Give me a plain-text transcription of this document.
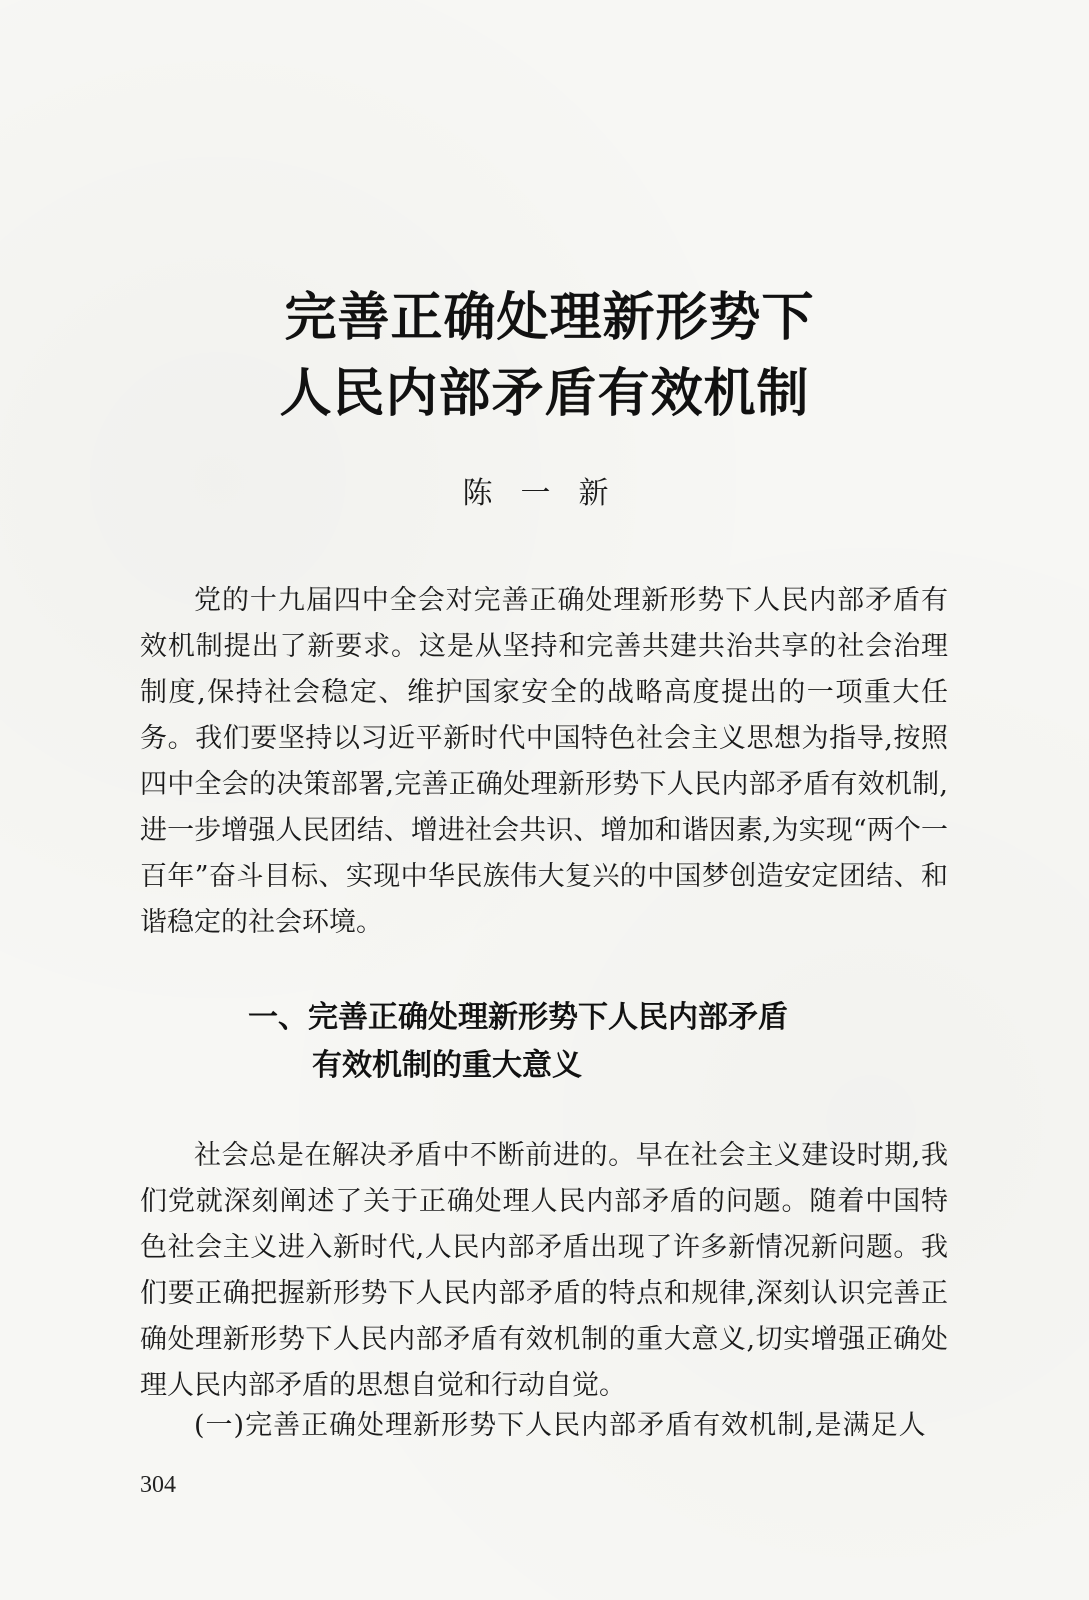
完善正确处理新形势下
人民内部矛盾有效机制
陈一新

党的十九届四中全会对完善正确处理新形势下人民内部矛盾有效机制提出了新要求。这是从坚持和完善共建共治共享的社会治理制度,保持社会稳定、维护国家安全的战略高度提出的一项重大任务。我们要坚持以习近平新时代中国特色社会主义思想为指导,按照四中全会的决策部署,完善正确处理新形势下人民内部矛盾有效机制,进一步增强人民团结、增进社会共识、增加和谐因素,为实现“两个一百年”奋斗目标、实现中华民族伟大复兴的中国梦创造安定团结、和谐稳定的社会环境。

一、完善正确处理新形势下人民内部矛盾
有效机制的重大意义

社会总是在解决矛盾中不断前进的。早在社会主义建设时期,我们党就深刻阐述了关于正确处理人民内部矛盾的问题。随着中国特色社会主义进入新时代,人民内部矛盾出现了许多新情况新问题。我们要正确把握新形势下人民内部矛盾的特点和规律,深刻认识完善正确处理新形势下人民内部矛盾有效机制的重大意义,切实增强正确处理人民内部矛盾的思想自觉和行动自觉。

(一)完善正确处理新形势下人民内部矛盾有效机制,是满足人

304
